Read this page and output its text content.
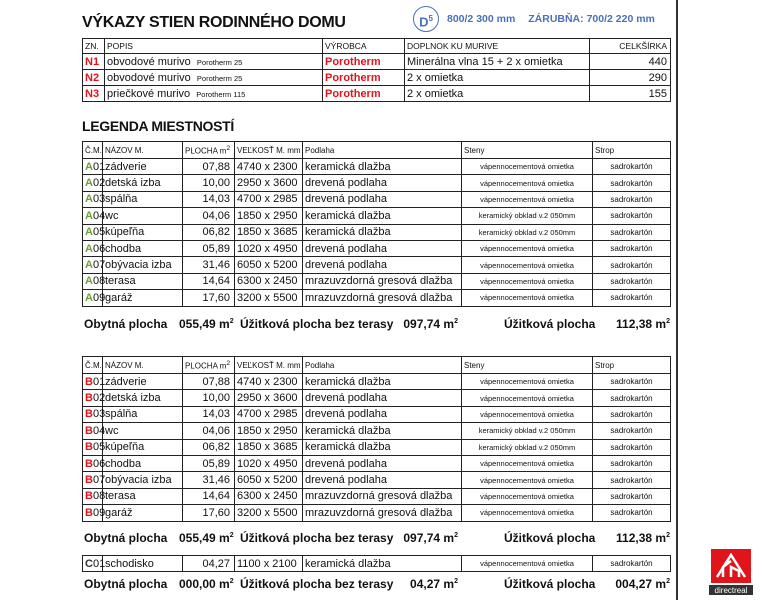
VÝKAZY STIEN RODINNÉHO DOMU	$D^5$	800/2 300 mm ZÁRUBŇA: 700/2 220 mm
ZN.	POPIS	VÝROBCA	DOPLNOK KU MURIVE	CELKŠÍRKA
N1	obvodové murivo Porotherm 25	Porotherm	Minerálna vlna 15 + 2 x omietka	440
N2	obvodové murivo Porotherm 25	Porotherm	2 x omietka	290
N3	priečkové murivo Porotherm 115	Porotherm	2 x omietka	155
LEGENDA MIESTNOSTÍ
Č.M.	NÁZOV M.	PLOCHA $m^2$	VEĽKOSŤ M. mm	Podlaha	Steny	Strop
A01	zádverie	07,88	4740 x 2300	keramická dlažba	vápennocementová omietka	sadrokartón
A02	detská izba	10,00	2950 x 3600	drevená podlaha	vápennocementová omietka	sadrokartón
A03	spálňa	14,03	4700 x 2985	drevená podlaha	vápennocementová omietka	sadrokartón
A04	wc	04,06	1850 x 2950	keramická dlažba	keramický obklad v.2 050mm	sadrokartón
A05	kúpeľňa	06,82	1850 x 3685	keramická dlažba	keramický obklad v.2 050mm	sadrokartón
A06	chodba	05,89	1020 x 4950	drevená podlaha	vápennocementová omietka	sadrokartón
A07	obývacia izba	31,46	6050 x 5200	drevená podlaha	vápennocementová omietka	sadrokartón
A08	terasa	14,64	6300 x 2450	mrazuvzdorná gresová dlažba	vápennocementová omietka	sadrokartón
A09	garáž	17,60	3200 x 5500	mrazuvzdorná gresová dlažba	vápennocementová omietka	sadrokartón
Obytná plocha 055,49 $m^2$ Úžitková plocha bez terasy 097,74 $m^2$	Úžitková plocha 112,38 $m^2$
Č.M.	NÁZOV M.	PLOCHA $m^2$	VEĽKOSŤ M. mm	Podlaha	Steny	Strop
B01	zádverie	07,88	4740 x 2300	keramická dlažba	vápennocementová omietka	sadrokartón
B02	detská izba	10,00	2950 x 3600	drevená podlaha	vápennocementová omietka	sadrokartón
B03	spálňa	14,03	4700 x 2985	drevená podlaha	vápennocementová omietka	sadrokartón
B04	wc	04,06	1850 x 2950	keramická dlažba	keramický obklad v.2 050mm	sadrokartón
B05	kúpeľňa	06,82	1850 x 3685	keramická dlažba	keramický obklad v.2 050mm	sadrokartón
B06	chodba	05,89	1020 x 4950	drevená podlaha	vápennocementová omietka	sadrokartón
B07	obývacia izba	31,46	6050 x 5200	drevená podlaha	vápennocementová omietka	sadrokartón
B08	terasa	14,64	6300 x 2450	mrazuvzdorná gresová dlažba	vápennocementová omietka	sadrokartón
B09	garáž	17,60	3200 x 5500	mrazuvzdorná gresová dlažba	vápennocementová omietka	sadrokartón
Obytná plocha 055,49 $m^2$ Úžitková plocha bez terasy 097,74 $m^2$	Úžitková plocha 112,38 $m^2$
C01	schodisko	04,27	1100 x 2100	keramická dlažba	vápennocementová omietka	sadrokartón
Obytná plocha 000,00 $m^2$ Úžitková plocha bez terasy 04,27 $m^2$	Úžitková plocha 004,27 $m^2$
directreal
